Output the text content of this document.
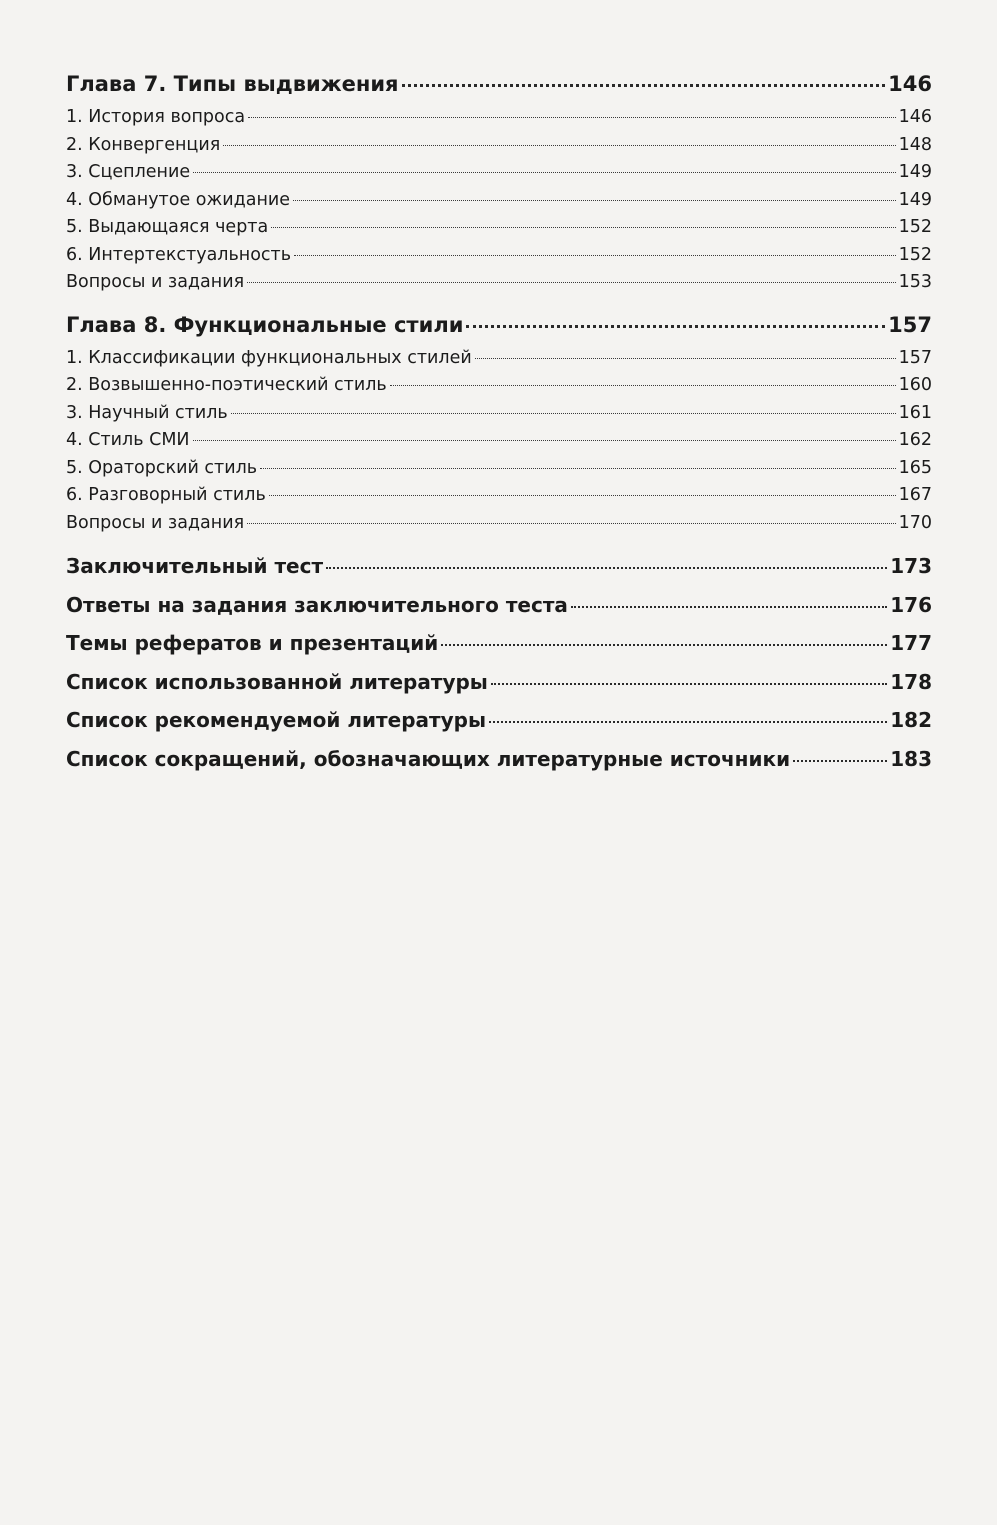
Глава 7. Типы выдвижения	146
1. История вопроса	146
2. Конвергенция	148
3. Сцепление	149
4. Обманутое ожидание	149
5. Выдающаяся черта	152
6. Интертекстуальность	152
Вопросы и задания	153
Глава 8. Функциональные стили	157
1. Классификации функциональных стилей	157
2. Возвышенно-поэтический стиль	160
3. Научный стиль	161
4. Стиль СМИ	162
5. Ораторский стиль	165
6. Разговорный стиль	167
Вопросы и задания	170
Заключительный тест	173
Ответы на задания заключительного теста	176
Темы рефератов и презентаций	177
Список использованной литературы	178
Список рекомендуемой литературы	182
Список сокращений, обозначающих литературные источники	183
